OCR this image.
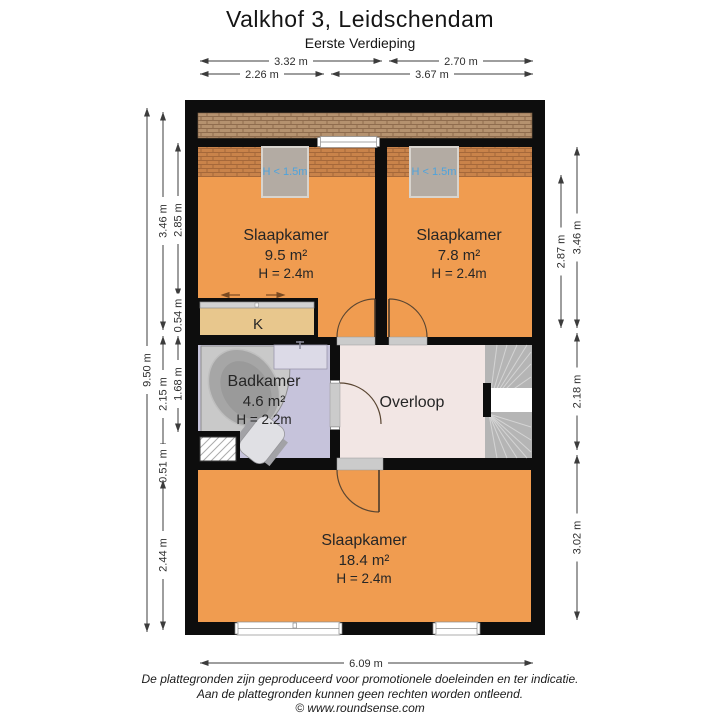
Valkhof 3, Leidschendam
Eerste Verdieping
H < 1.5m
Slaapkamer
9.5 m²
H = 2.4m
H < 1.5m
Slaapkamer
7.8 m²
H = 2.4m
K
Badkamer
4.6 m²
H = 2.2m
Overloop
Slaapkamer
18.4 m²
H = 2.4m
3.32 m	2.70 m
2.26 m	3.67 m
9.50 m
3.46 m
2.15 m
0.51 m
2.44 m
2.85 m
0.54 m
1.68 m
2.87 m 3.46 m
2.18 m
3.02 m
6.09 m
De plattegronden zijn geproduceerd voor promotionele doeleinden en ter indicatie.
Aan de plattegronden kunnen geen rechten worden ontleend.
© www.roundsense.com
